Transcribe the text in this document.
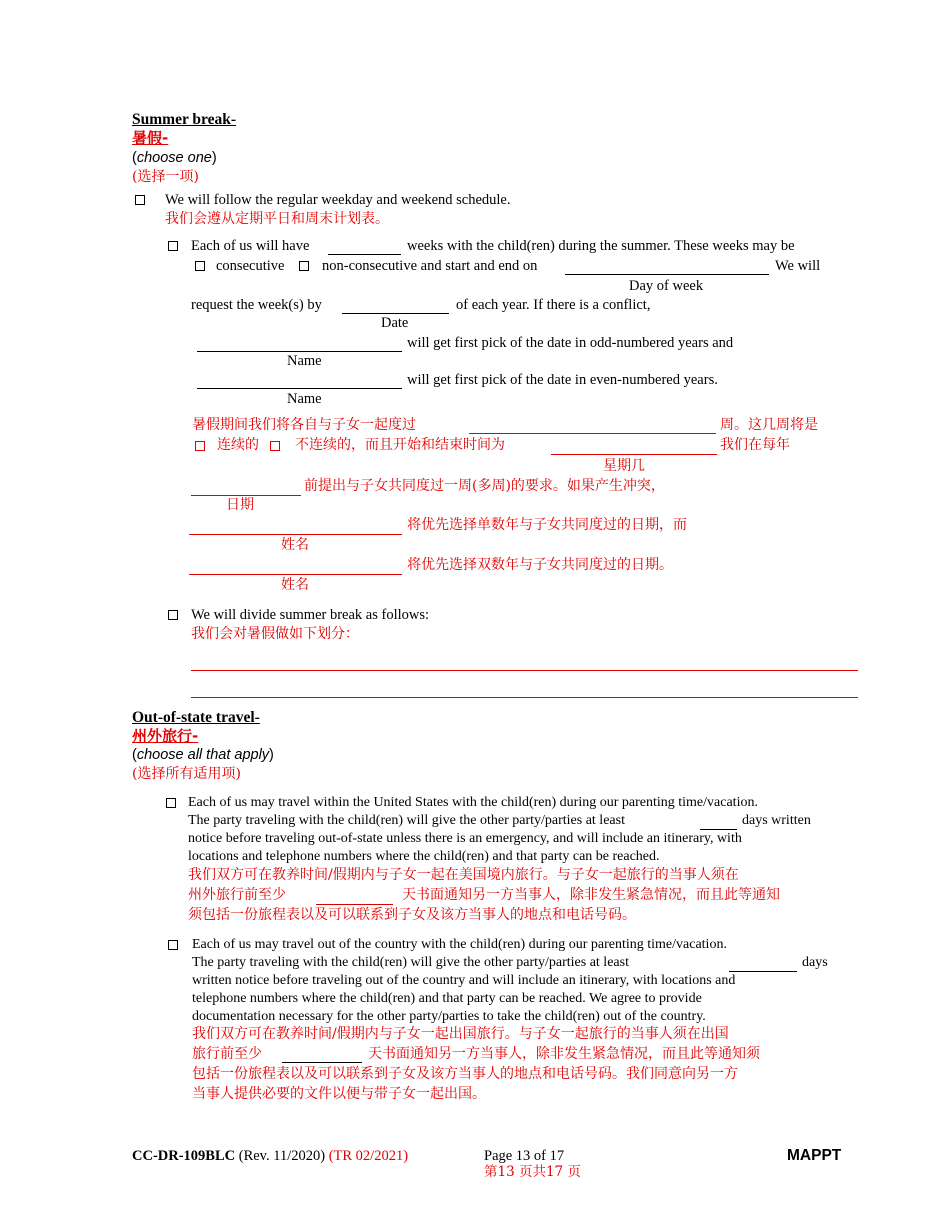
Summer break-
暑假-
(choose one)
(选择一项)
We will follow the regular weekday and weekend schedule.
我们会遵从定期平日和周末计划表。
Each of us will have	weeks with the child(ren) during the summer. These weeks may be
consecutive	non-consecutive and start and end on	We will
Day of week
request the week(s) by	of each year. If there is a conflict,
Date
will get first pick of the date in odd-numbered years and
Name
will get first pick of the date in even-numbered years.
Name
暑假期间我们将各自与子女一起度过	周。这几周将是
连续的	不连续的，而且开始和结束时间为	我们在每年
星期几
前提出与子女共同度过一周(多周)的要求。如果产生冲突，
日期
将优先选择单数年与子女共同度过的日期，而
姓名
将优先选择双数年与子女共同度过的日期。
姓名
We will divide summer break as follows:
我们会对暑假做如下划分：
Out-of-state travel-
州外旅行-
(choose all that apply)
(选择所有适用项)
Each of us may travel within the United States with the child(ren) during our parenting time/vacation.
The party traveling with the child(ren) will give the other party/parties at least	days written
notice before traveling out-of-state unless there is an emergency, and will include an itinerary, with
locations and telephone numbers where the child(ren) and that party can be reached.
我们双方可在教养时间/假期内与子女一起在美国境内旅行。与子女一起旅行的当事人须在
州外旅行前至少	天书面通知另一方当事人，除非发生紧急情况，而且此等通知
须包括一份旅程表以及可以联系到子女及该方当事人的地点和电话号码。
Each of us may travel out of the country with the child(ren) during our parenting time/vacation.
The party traveling with the child(ren) will give the other party/parties at least	days
written notice before traveling out of the country and will include an itinerary, with locations and
telephone numbers where the child(ren) and that party can be reached. We agree to provide
documentation necessary for the other party/parties to take the child(ren) out of the country.
我们双方可在教养时间/假期内与子女一起出国旅行。与子女一起旅行的当事人须在出国
旅行前至少	天书面通知另一方当事人，除非发生紧急情况，而且此等通知须
包括一份旅程表以及可以联系到子女及该方当事人的地点和电话号码。我们同意向另一方
当事人提供必要的文件以便与带子女一起出国。
CC-DR-109BLC (Rev. 11/2020) (TR 02/2021)	Page 13 of 17
第13 页共17 页
MAPPT
